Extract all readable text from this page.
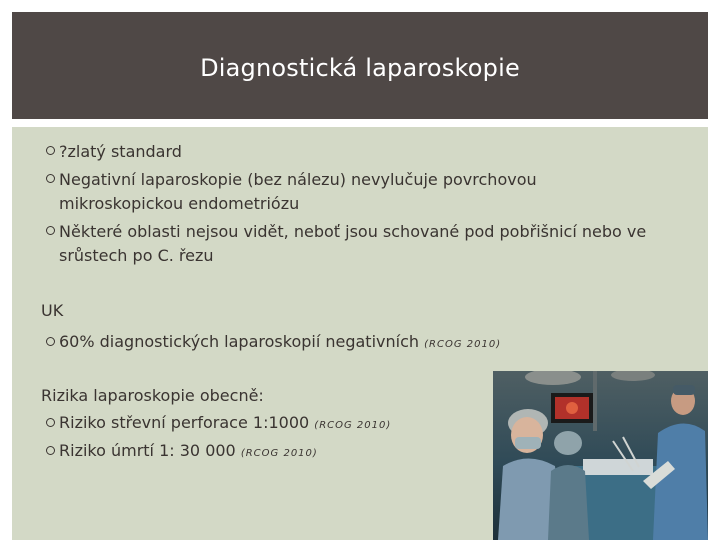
Diagnostická laparoskopie
?zlatý standard
Negativní laparoskopie (bez nálezu) nevylučuje povrchovou
mikroskopickou endometriózu
Některé oblasti nejsou vidět, neboť jsou schované pod pobřišnicí nebo ve
srůstech po C. řezu
UK
60% diagnostických laparoskopií negativních (RCOG 2010)
Rizika laparoskopie obecně:
Riziko střevní perforace 1:1000 (RCOG 2010)
Riziko úmrtí 1: 30 000 (RCOG 2010)
